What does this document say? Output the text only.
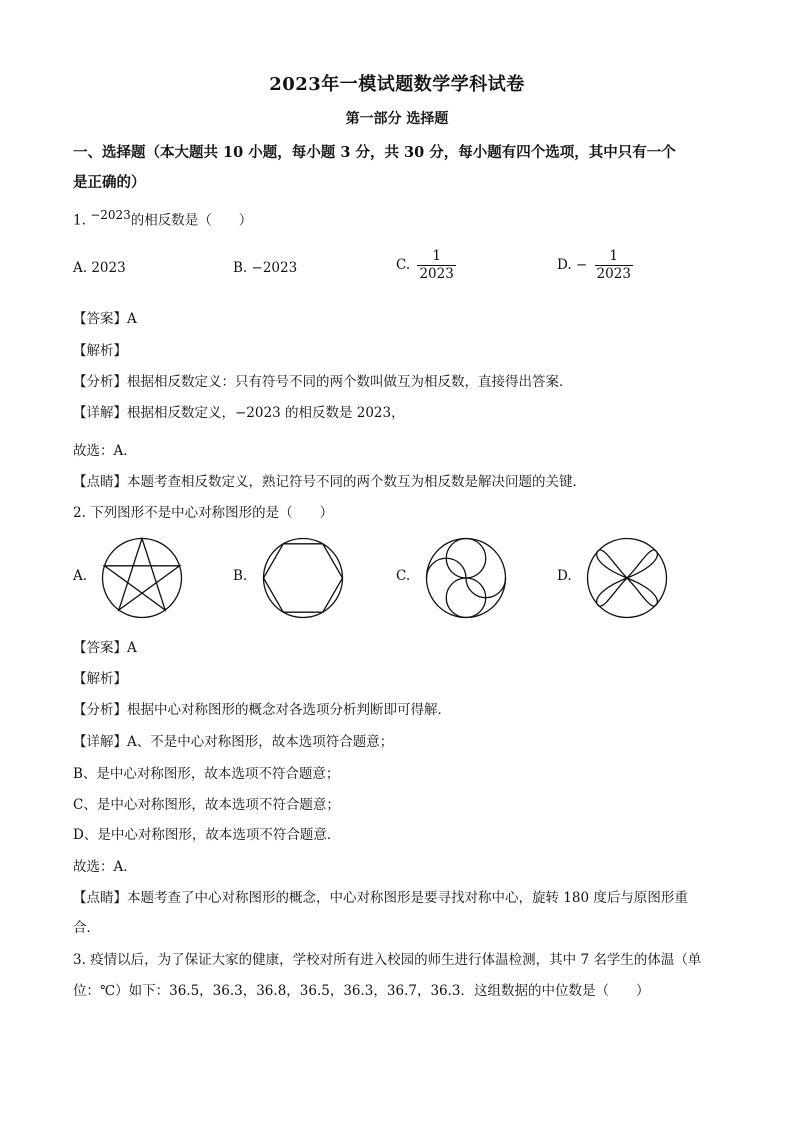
2023年一模试题数学学科试卷
第一部分 选择题
一、选择题（本大题共 10 小题，每小题 3 分，共 30 分，每小题有四个选项，其中只有一个
是正确的）
1. $^{-2023}$的相反数是（　　）
A. 2023	B. −2023	C. $\frac{1}{2023}$	D. − $\frac{1}{2023}$
【答案】A
【解析】
【分析】根据相反数定义：只有符号不同的两个数叫做互为相反数，直接得出答案．
【详解】根据相反数定义，−2023 的相反数是 2023，
故选：A．
【点睛】本题考查相反数定义，熟记符号不同的两个数互为相反数是解决问题的关键．
2. 下列图形不是中心对称图形的是（　　）
A.	B.	C.	D.
【答案】A
【解析】
【分析】根据中心对称图形的概念对各选项分析判断即可得解．
【详解】A、不是中心对称图形，故本选项符合题意；
B、是中心对称图形，故本选项不符合题意；
C、是中心对称图形，故本选项不符合题意；
D、是中心对称图形，故本选项不符合题意．
故选：A．
【点睛】本题考查了中心对称图形的概念，中心对称图形是要寻找对称中心，旋转 180 度后与原图形重
合．
3. 疫情以后，为了保证大家的健康，学校对所有进入校园的师生进行体温检测，其中 7 名学生的体温（单
位：℃）如下：36.5，36.3，36.8，36.5，36.3，36.7，36.3．这组数据的中位数是（　　）
